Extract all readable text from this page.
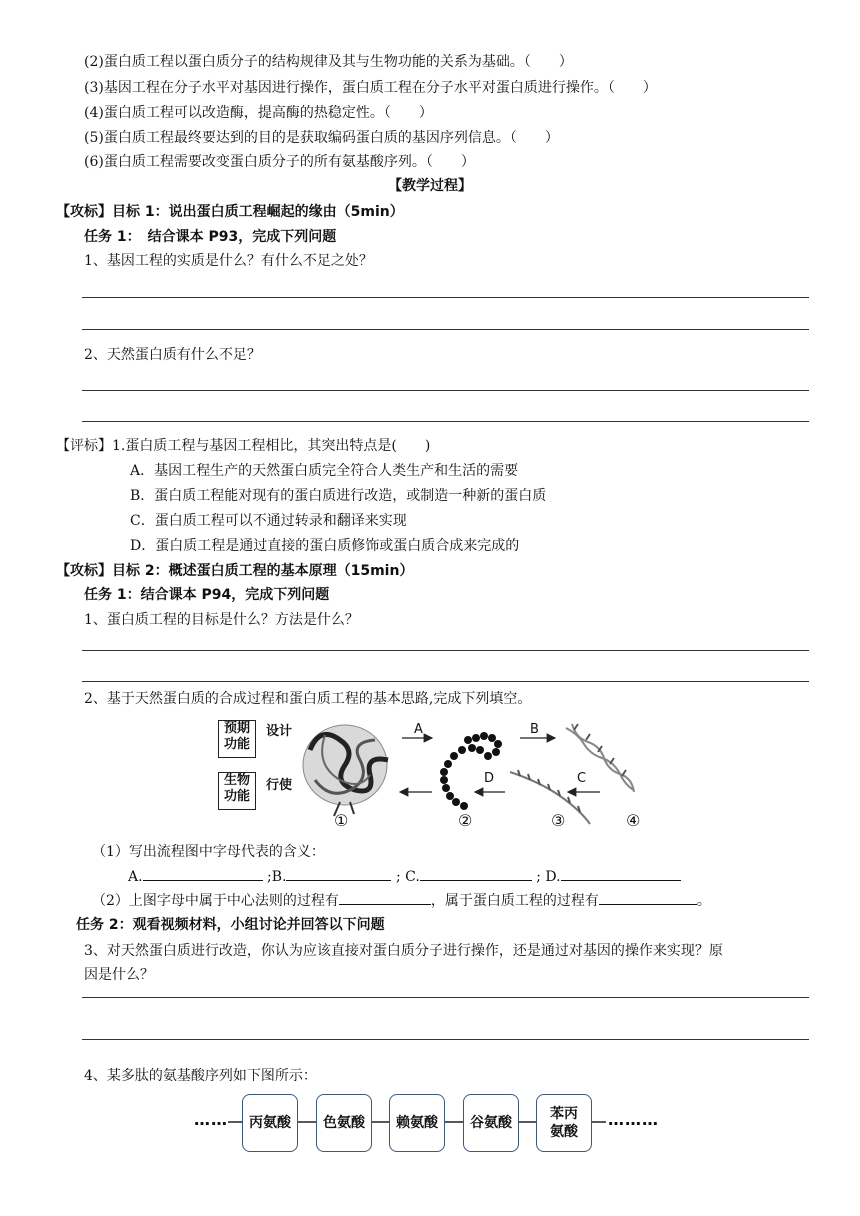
(2)蛋白质工程以蛋白质分子的结构规律及其与生物功能的关系为基础。（　　）
(3)基因工程在分子水平对基因进行操作，蛋白质工程在分子水平对蛋白质进行操作。（　　）
(4)蛋白质工程可以改造酶，提高酶的热稳定性。（　　）
(5)蛋白质工程最终要达到的目的是获取编码蛋白质的基因序列信息。（　　）
(6)蛋白质工程需要改变蛋白质分子的所有氨基酸序列。（　　）
【教学过程】
【攻标】目标 1：说出蛋白质工程崛起的缘由（5min）
任务 1：　结合课本 P93，完成下列问题
1、基因工程的实质是什么？有什么不足之处？
2、天然蛋白质有什么不足？
【评标】1.蛋白质工程与基因工程相比，其突出特点是(　　)
A．基因工程生产的天然蛋白质完全符合人类生产和生活的需要
B．蛋白质工程能对现有的蛋白质进行改造，或制造一种新的蛋白质
C．蛋白质工程可以不通过转录和翻译来实现
D．蛋白质工程是通过直接的蛋白质修饰或蛋白质合成来完成的
【攻标】目标 2：概述蛋白质工程的基本原理（15min）
任务 1：结合课本 P94，完成下列问题
1、蛋白质工程的目标是什么？方法是什么？
2、基于天然蛋白质的合成过程和蛋白质工程的基本思路,完成下列填空。
预期
功能
生物
功能
设计
行使
A	B
C
D
①	②	③	④
（1）写出流程图中字母代表的含义：
A.	;B.	; C.	; D.
（2）上图字母中属于中心法则的过程有	，属于蛋白质工程的过程有	。
任务 2：观看视频材料，小组讨论并回答以下问题
3、对天然蛋白质进行改造，你认为应该直接对蛋白质分子进行操作，还是通过对基因的操作来实现？原
因是什么？
4、某多肽的氨基酸序列如下图所示：
……	丙氨酸	色氨酸	赖氨酸	谷氨酸
苯丙
氨酸
………
